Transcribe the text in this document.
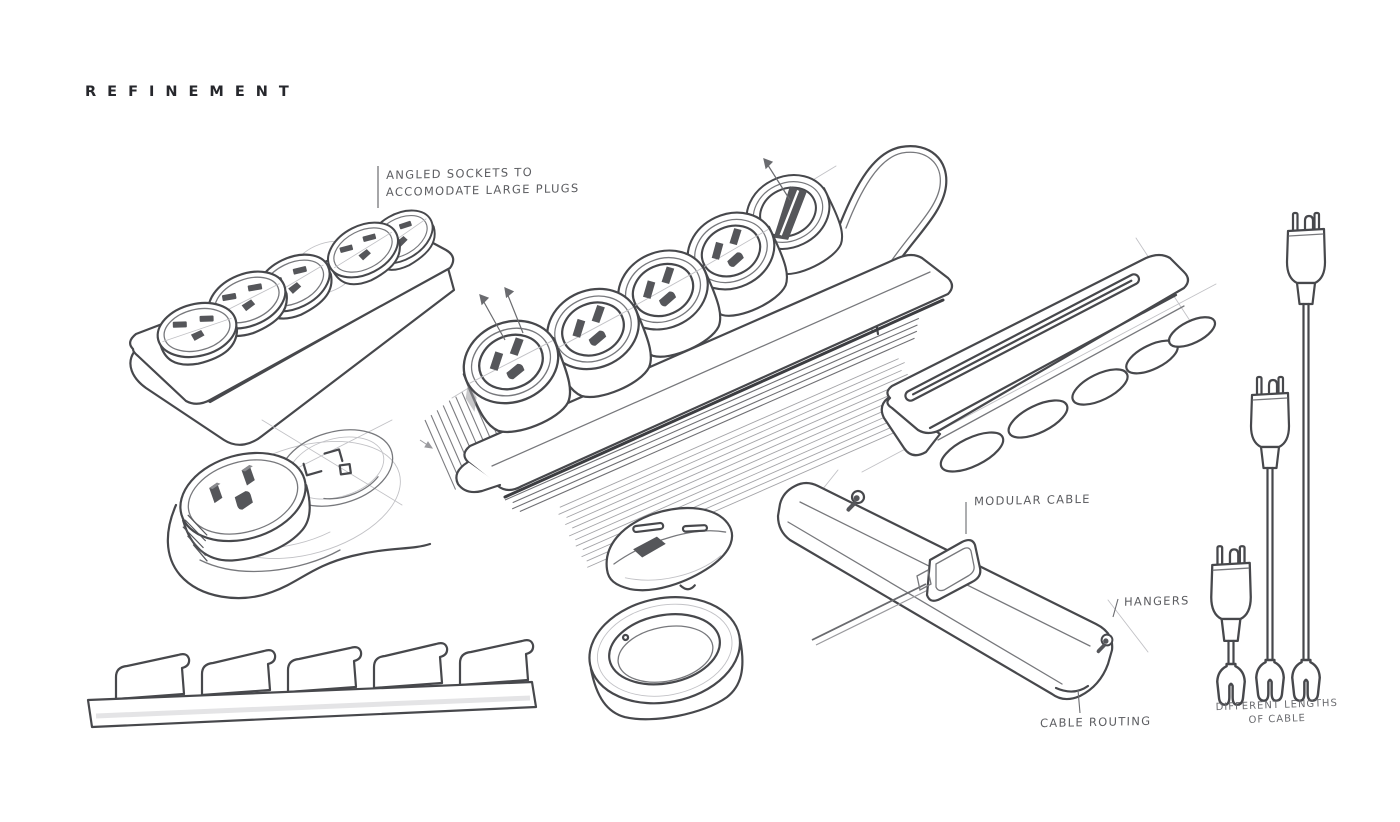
REFINEMENT
ANGLED SOCKETS TO
ACCOMODATE LARGE PLUGS
MODULAR CABLE
HANGERS
CABLE ROUTING
DIFFERENT LENGTHS
OF CABLE
